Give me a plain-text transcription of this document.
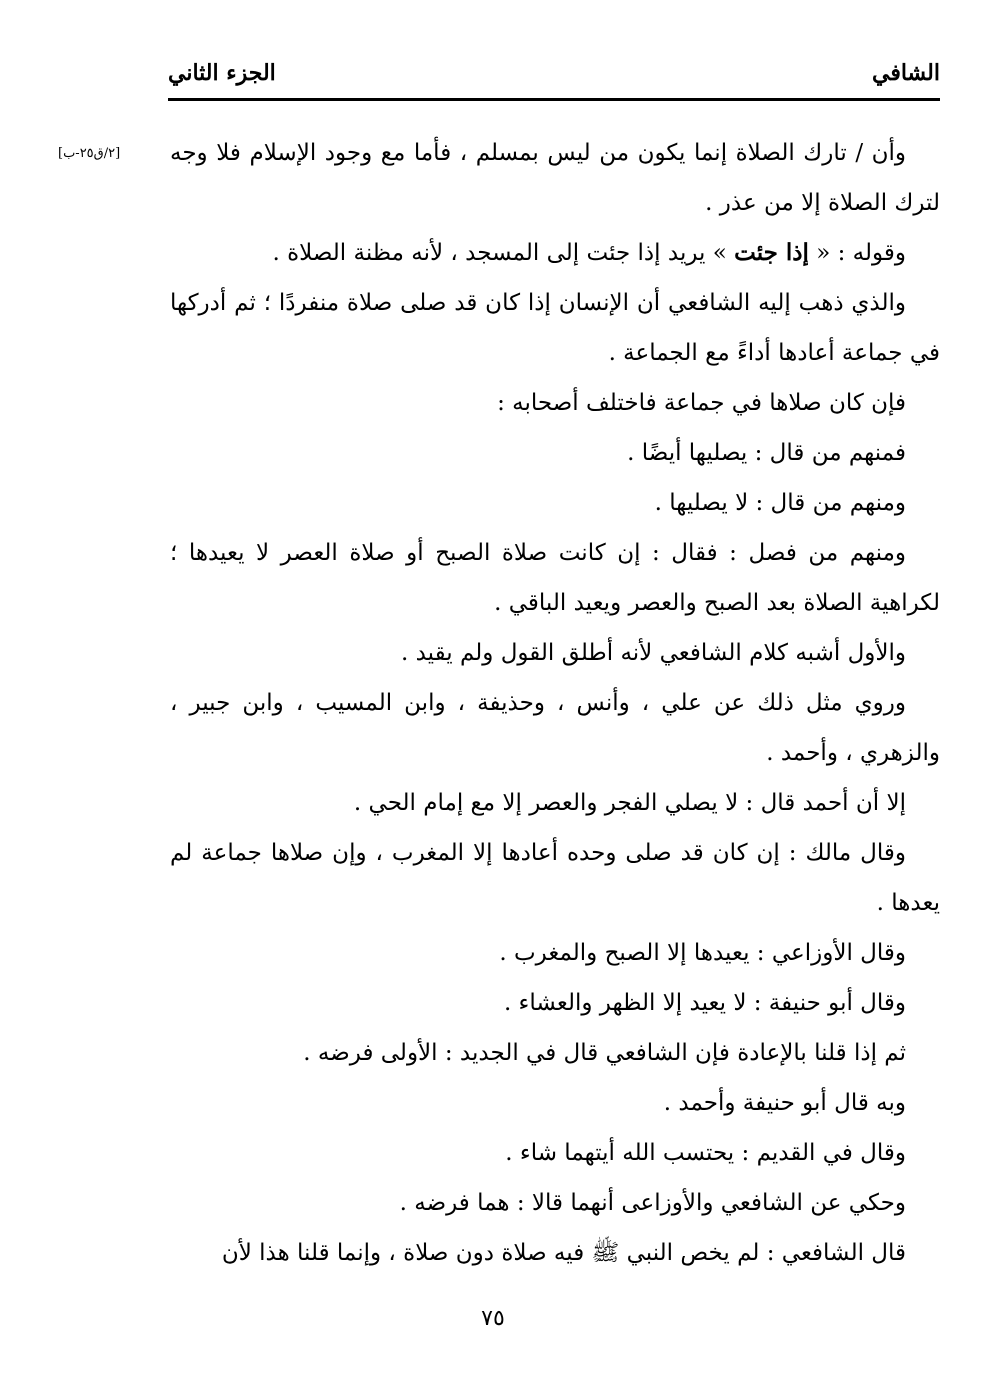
الشافي
الجزء الثاني
[٢/ق٢٥-ب] وأن / تارك الصلاة إنما يكون من ليس بمسلم ، فأما مع وجود الإسلام فلا وجه لترك الصلاة إلا من عذر .

وقوله : « إذا جئت » يريد إذا جئت إلى المسجد ، لأنه مظنة الصلاة .

والذي ذهب إليه الشافعي أن الإنسان إذا كان قد صلى صلاة منفردًا ؛ ثم أدركها في جماعة أعادها أداءً مع الجماعة .

فإن كان صلاها في جماعة فاختلف أصحابه :

فمنهم من قال : يصليها أيضًا .

ومنهم من قال : لا يصليها .

ومنهم من فصل : فقال : إن كانت صلاة الصبح أو صلاة العصر لا يعيدها ؛ لكراهية الصلاة بعد الصبح والعصر ويعيد الباقي .

والأول أشبه كلام الشافعي لأنه أطلق القول ولم يقيد .

وروي مثل ذلك عن علي ، وأنس ، وحذيفة ، وابن المسيب ، وابن جبير ، والزهري ، وأحمد .

إلا أن أحمد قال : لا يصلي الفجر والعصر إلا مع إمام الحي .

وقال مالك : إن كان قد صلى وحده أعادها إلا المغرب ، وإن صلاها جماعة لم يعدها .

وقال الأوزاعي : يعيدها إلا الصبح والمغرب .

وقال أبو حنيفة : لا يعيد إلا الظهر والعشاء .

ثم إذا قلنا بالإعادة فإن الشافعي قال في الجديد : الأولى فرضه .

وبه قال أبو حنيفة وأحمد .

وقال في القديم : يحتسب الله أيتهما شاء .

وحكي عن الشافعي والأوزاعى أنهما قالا : هما فرضه .

قال الشافعي : لم يخص النبي ﷺ فيه صلاة دون صلاة ، وإنما قلنا هذا لأن

٧٥
